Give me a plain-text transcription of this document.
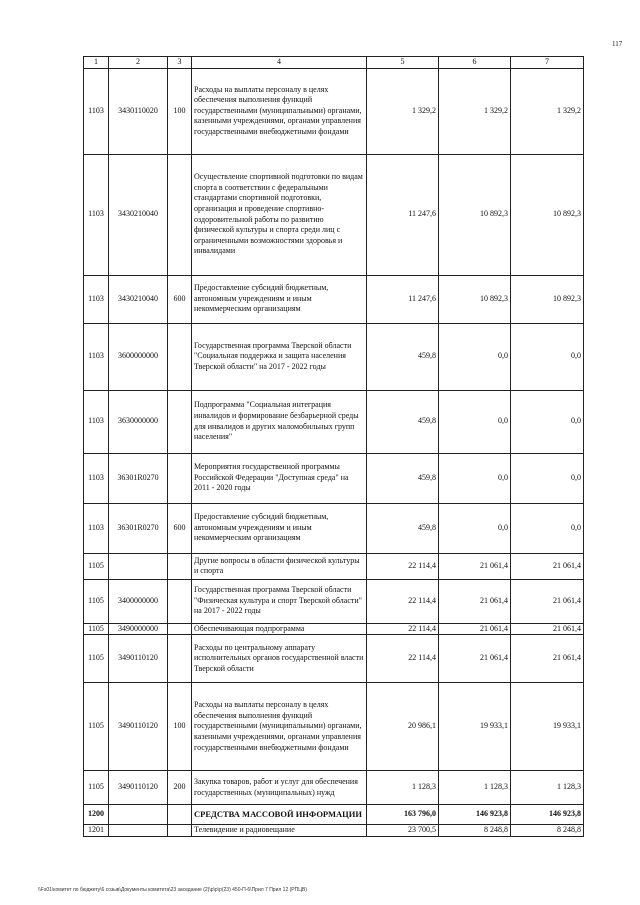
117
1	2	3	4	5	6	7
1103	3430110020	100	Расходы на выплаты персоналу в целях обеспечения выполнения функций государственными (муниципальными) органами, казенными учреждениями, органами управления государственными внебюджетными фондами	1 329,2	1 329,2	1 329,2
1103	3430210040		Осуществление спортивной подготовки по видам спорта в соответствии с федеральными стандартами спортивной подготовки, организация и проведение спортивно-оздоровительной работы по развитию физической культуры и спорта среди лиц с ограниченными возможностями здоровья и инвалидами	11 247,6	10 892,3	10 892,3
1103	3430210040	600	Предоставление субсидий бюджетным, автономным учреждениям и иным некоммерческим организациям	11 247,6	10 892,3	10 892,3
1103	3600000000		Государственная программа Тверской области "Социальная поддержка и защита населения Тверской области" на 2017 - 2022 годы	459,8	0,0	0,0
1103	3630000000		Подпрограмма "Социальная интеграция инвалидов и формирование безбарьерной среды для инвалидов и других маломобильных групп населения"	459,8	0,0	0,0
1103	36301R0270		Мероприятия государственной программы Российской Федерации "Доступная среда" на 2011 - 2020 годы	459,8	0,0	0,0
1103	36301R0270	600	Предоставление субсидий бюджетным, автономным учреждениям и иным некоммерческим организациям	459,8	0,0	0,0
1105			Другие вопросы в области физической культуры и спорта	22 114,4	21 061,4	21 061,4
1105	3400000000		Государственная программа Тверской области "Физическая культура и спорт Тверской области" на 2017 - 2022 годы	22 114,4	21 061,4	21 061,4
1105	3490000000		Обеспечивающая подпрограмма	22 114,4	21 061,4	21 061,4
1105	3490110120		Расходы по центральному аппарату исполнительных органов государственной власти Тверской области	22 114,4	21 061,4	21 061,4
1105	3490110120	100	Расходы на выплаты персоналу в целях обеспечения выполнения функций государственными (муниципальными) органами, казенными учреждениями, органами управления государственными внебюджетными фондами	20 986,1	19 933,1	19 933,1
1105	3490110120	200	Закупка товаров, работ и услуг для обеспечения государственных (муниципальных) нужд	1 128,3	1 128,3	1 128,3
1200			СРЕДСТВА МАССОВОЙ ИНФОРМАЦИИ	163 796,0	146 923,8	146 923,8
1201			Телевидение и радиовещание	23 700,5	8 248,8	8 248,8
\\Fs01\комитет по бюджету\6 созыв\Документы комитета\23 заседание (2)\р\р\р(23) 450-П-6\Прил 7 Прил 12 (РПЦВ)
